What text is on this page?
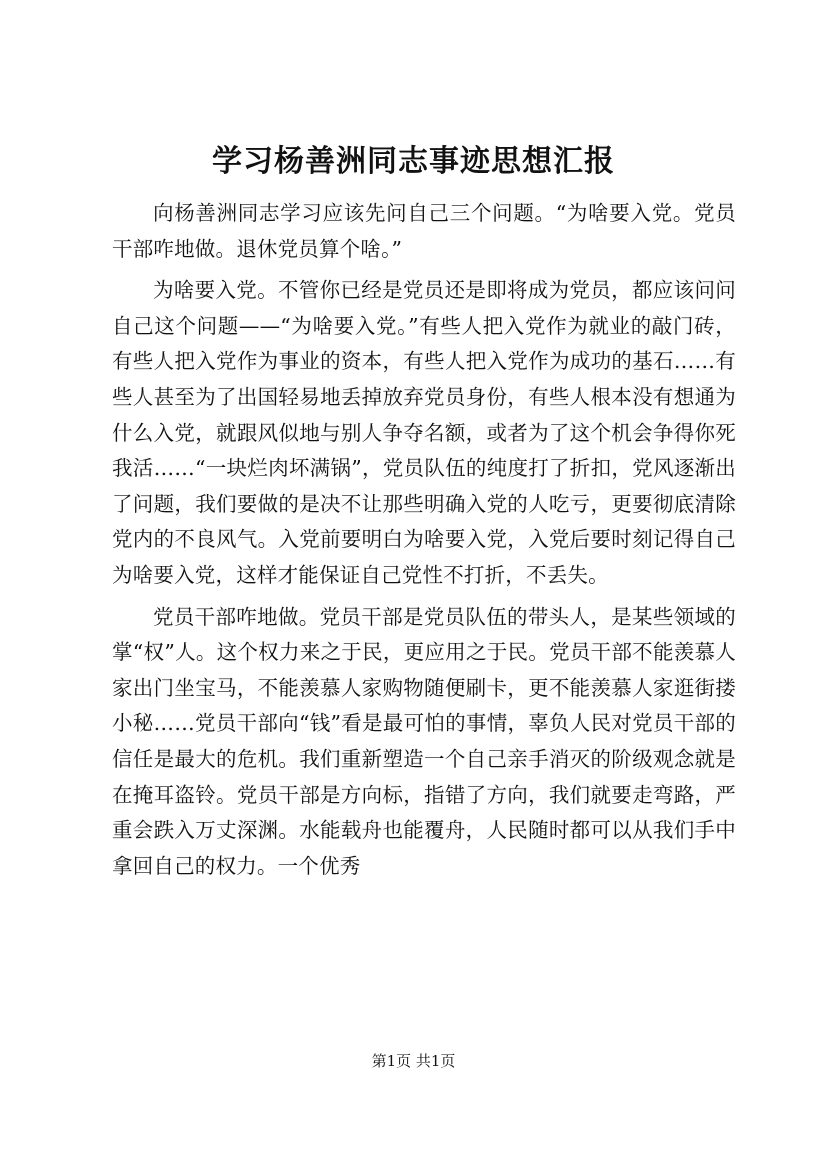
学习杨善洲同志事迹思想汇报

向杨善洲同志学习应该先问自己三个问题。“为啥要入党。党员干部咋地做。退休党员算个啥。”

为啥要入党。不管你已经是党员还是即将成为党员，都应该问问自己这个问题——“为啥要入党。”有些人把入党作为就业的敲门砖，有些人把入党作为事业的资本，有些人把入党作为成功的基石……有些人甚至为了出国轻易地丢掉放弃党员身份，有些人根本没有想通为什么入党，就跟风似地与别人争夺名额，或者为了这个机会争得你死我活……“一块烂肉坏满锅”，党员队伍的纯度打了折扣，党风逐渐出了问题，我们要做的是决不让那些明确入党的人吃亏，更要彻底清除党内的不良风气。入党前要明白为啥要入党，入党后要时刻记得自己为啥要入党，这样才能保证自己党性不打折，不丢失。

党员干部咋地做。党员干部是党员队伍的带头人，是某些领域的掌“权”人。这个权力来之于民，更应用之于民。党员干部不能羡慕人家出门坐宝马，不能羡慕人家购物随便刷卡，更不能羡慕人家逛街搂小秘……党员干部向“钱”看是最可怕的事情，辜负人民对党员干部的信任是最大的危机。我们重新塑造一个自己亲手消灭的阶级观念就是在掩耳盗铃。党员干部是方向标，指错了方向，我们就要走弯路，严重会跌入万丈深渊。水能载舟也能覆舟，人民随时都可以从我们手中拿回自己的权力。一个优秀

第1页 共1页
